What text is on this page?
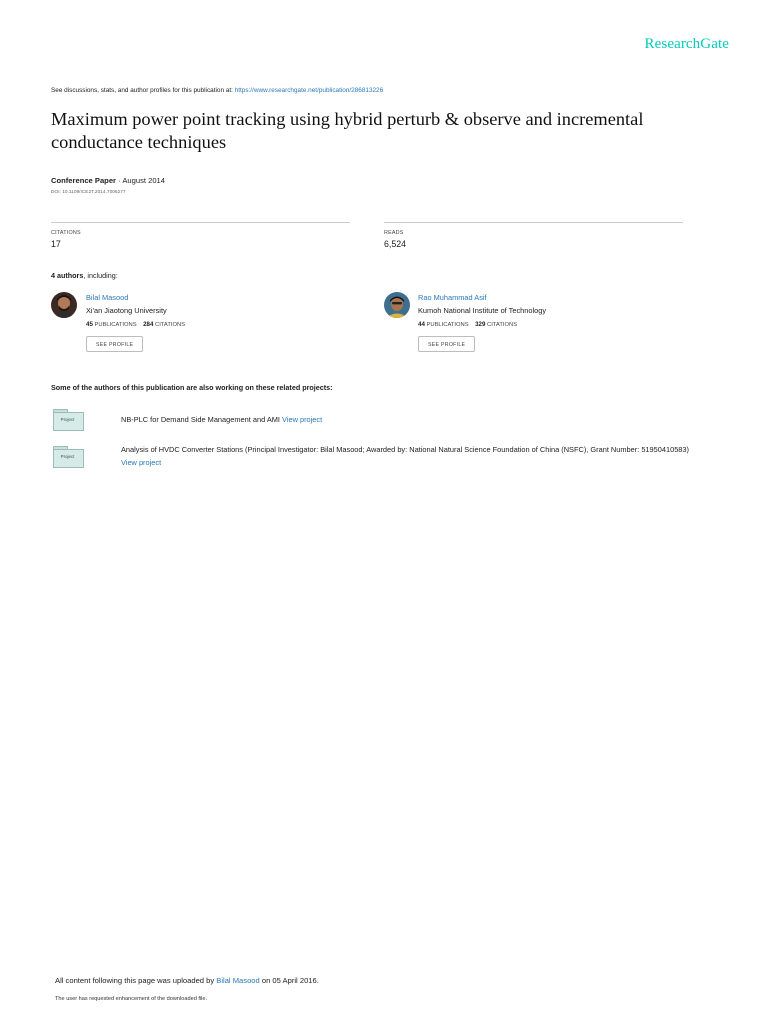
ResearchGate
See discussions, stats, and author profiles for this publication at: https://www.researchgate.net/publication/286813226
Maximum power point tracking using hybrid perturb & observe and incremental conductance techniques
Conference Paper · August 2014
DOI: 10.1109/ICE2T.2014.7006277
CITATIONS
17
READS
6,524
4 authors, including:
Bilal Masood
Xi'an Jiaotong University
45 PUBLICATIONS 284 CITATIONS
SEE PROFILE
Rao Muhammad Asif
Kumoh National Institute of Technology
44 PUBLICATIONS 329 CITATIONS
SEE PROFILE
Some of the authors of this publication are also working on these related projects:
Project	NB-PLC for Demand Side Management and AMI View project
Project
Analysis of HVDC Converter Stations (Principal Investigator: Bilal Masood; Awarded by: National Natural Science Foundation of China (NSFC), Grant Number: 51950410583) View project
All content following this page was uploaded by Bilal Masood on 05 April 2016.
The user has requested enhancement of the downloaded file.
